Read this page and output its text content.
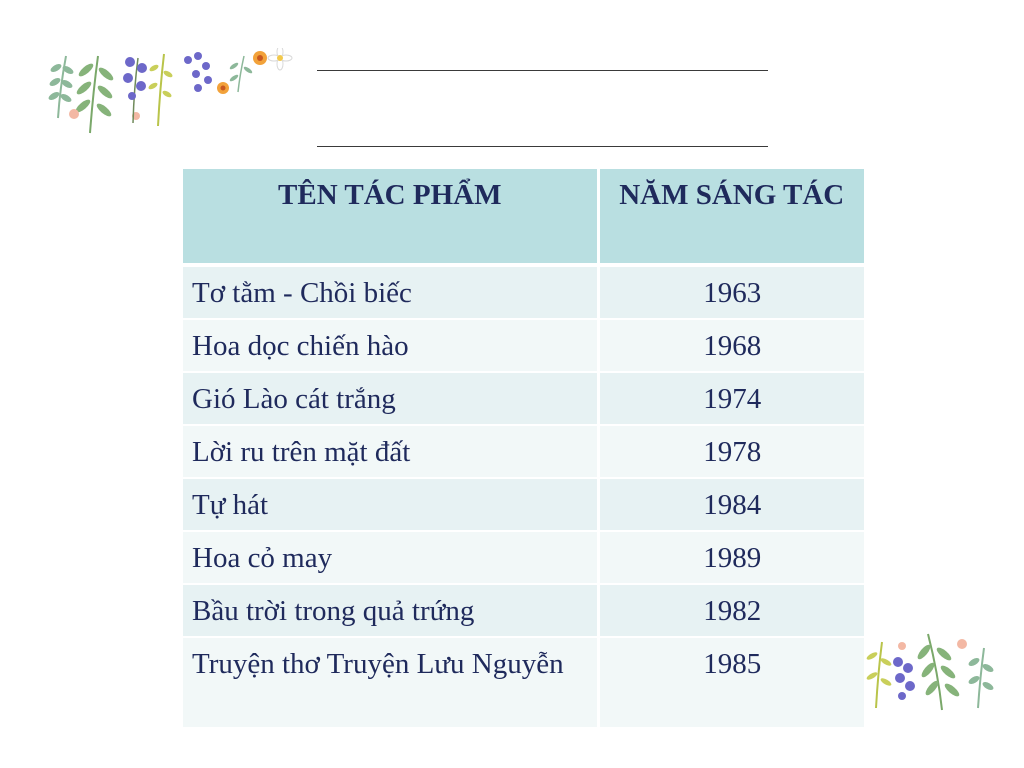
TÊN TÁC PHẨM	NĂM SÁNG TÁC
Tơ tằm - Chồi biếc	1963
Hoa dọc chiến hào	1968
Gió Lào cát trắng	1974
Lời ru trên mặt đất	1978
Tự hát	1984
Hoa cỏ may	1989
Bầu trời trong quả trứng	1982
Truyện thơ Truyện Lưu Nguyễn	1985
